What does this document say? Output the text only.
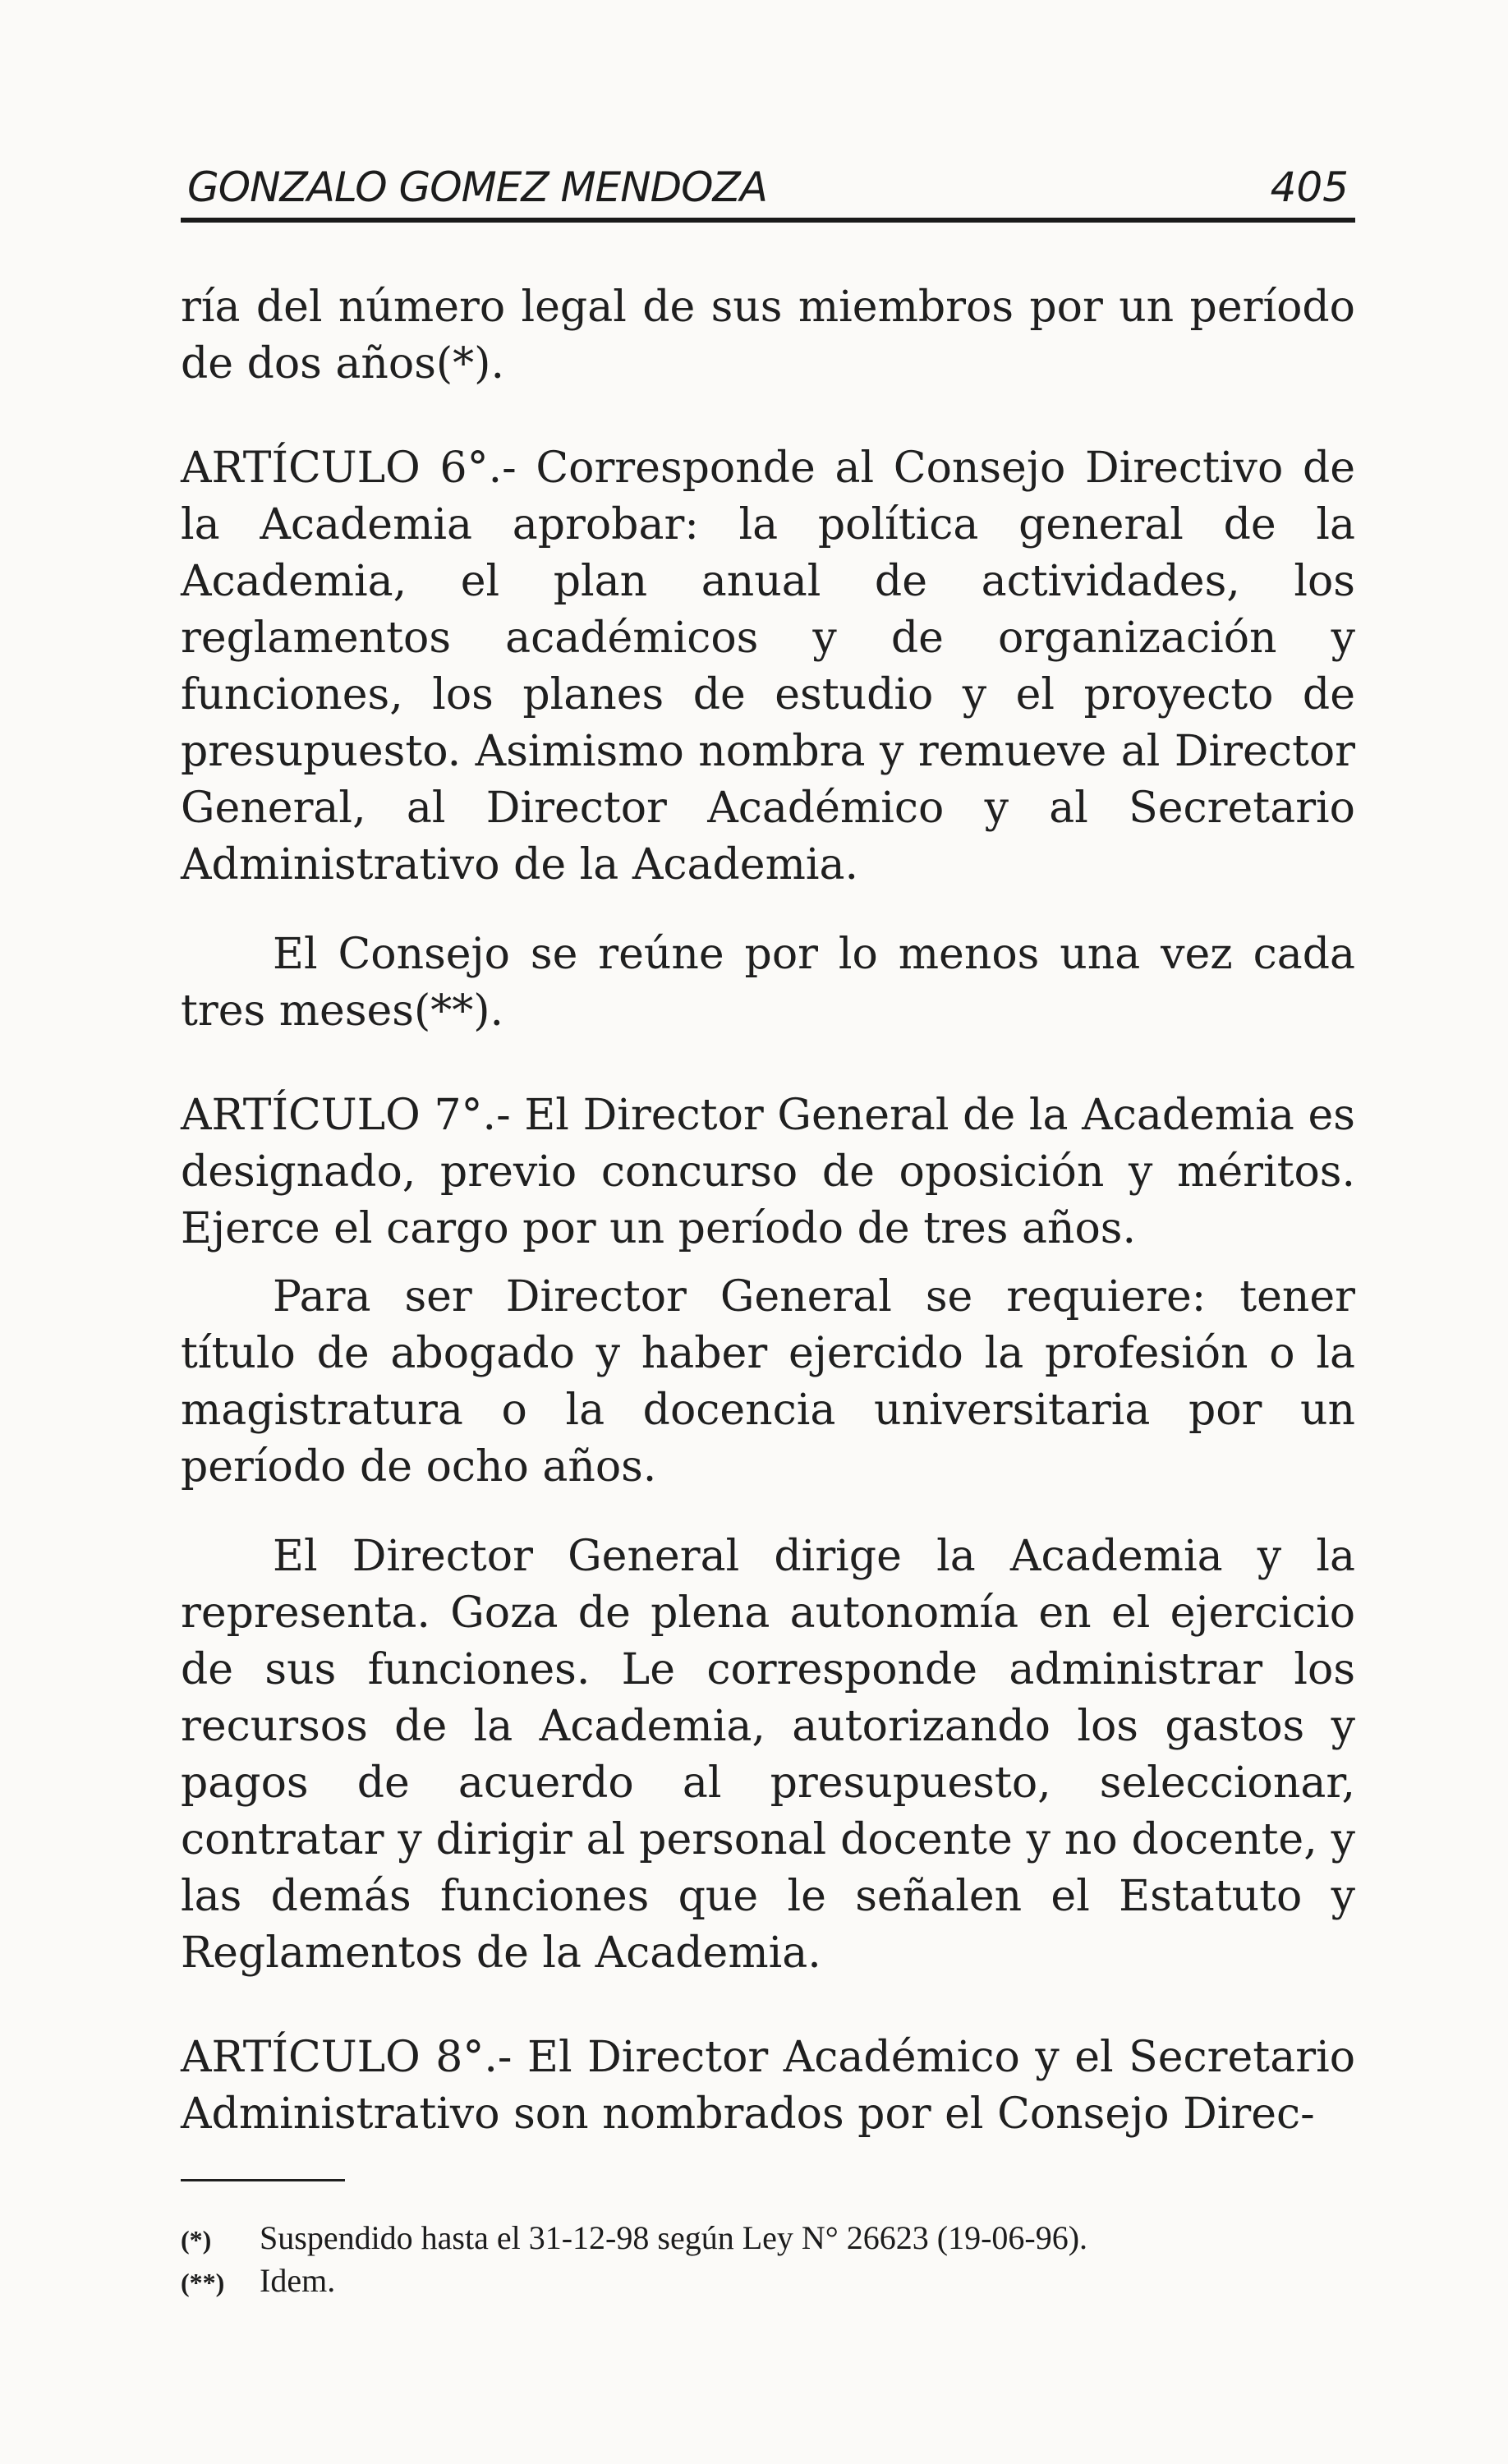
GONZALO GOMEZ MENDOZA	405

ría del número legal de sus miembros por un período de dos años(*).

ARTÍCULO 6°.- Corresponde al Consejo Directivo de la Academia aprobar: la política general de la Academia, el plan anual de actividades, los reglamentos académicos y de organización y funciones, los planes de estudio y el proyecto de presupuesto. Asimismo nombra y remueve al Director General, al Director Académico y al Secretario Administrativo de la Academia.

El Consejo se reúne por lo menos una vez cada tres meses(**).

ARTÍCULO 7°.- El Director General de la Academia es designado, previo concurso de oposición y méritos. Ejerce el cargo por un período de tres años.

Para ser Director General se requiere: tener título de abogado y haber ejercido la profesión o la magistratura o la docencia universitaria por un período de ocho años.

El Director General dirige la Academia y la representa. Goza de plena autonomía en el ejercicio de sus funciones. Le corresponde administrar los recursos de la Academia, autorizando los gastos y pagos de acuerdo al presupuesto, seleccionar, contratar y dirigir al personal docente y no docente, y las demás funciones que le señalen el Estatuto y Reglamentos de la Academia.

ARTÍCULO 8°.- El Director Académico y el Secretario Administrativo son nombrados por el Consejo Direc-

(*)	Suspendido hasta el 31-12-98 según Ley N° 26623 (19-06-96).
(**)	Idem.
